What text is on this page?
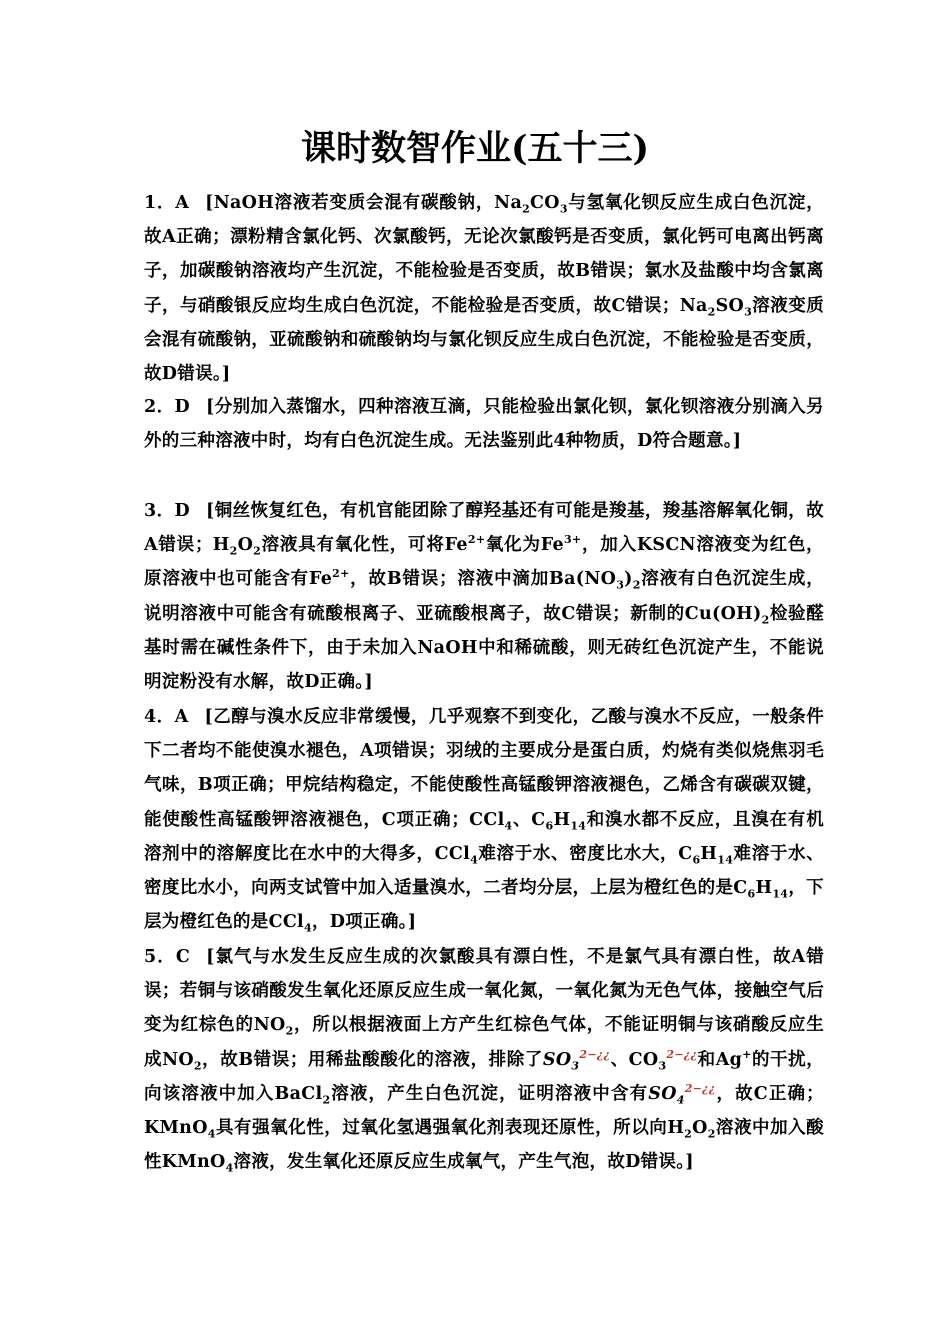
课时数智作业(五十三)
1．A [NaOH溶液若变质会混有碳酸钠，$Na_2CO_3$与氢氧化钡反应生成白色沉淀，故A正确；漂粉精含氯化钙、次氯酸钙，无论次氯酸钙是否变质，氯化钙可电离出钙离子，加碳酸钠溶液均产生沉淀，不能检验是否变质，故B错误；氯水及盐酸中均含氯离子，与硝酸银反应均生成白色沉淀，不能检验是否变质，故C错误；$Na_2SO_3$溶液变质会混有硫酸钠，亚硫酸钠和硫酸钠均与氯化钡反应生成白色沉淀，不能检验是否变质，故D错误。]
2．D [分别加入蒸馏水，四种溶液互滴，只能检验出氯化钡，氯化钡溶液分别滴入另外的三种溶液中时，均有白色沉淀生成。无法鉴别此4种物质，D符合题意。]
3．D [铜丝恢复红色，有机官能团除了醇羟基还有可能是羧基，羧基溶解氧化铜，故A错误；$H_2O_2$溶液具有氧化性，可将$Fe^{2+}$氧化为$Fe^{3+}$，加入KSCN溶液变为红色，原溶液中也可能含有$Fe^{2+}$，故B错误；溶液中滴加$Ba(NO_3)_2$溶液有白色沉淀生成，说明溶液中可能含有硫酸根离子、亚硫酸根离子，故C错误；新制的$Cu(OH)_2$检验醛基时需在碱性条件下，由于未加入NaOH中和稀硫酸，则无砖红色沉淀产生，不能说明淀粉没有水解，故D正确。]
4．A [乙醇与溴水反应非常缓慢，几乎观察不到变化，乙酸与溴水不反应，一般条件下二者均不能使溴水褪色，A项错误；羽绒的主要成分是蛋白质，灼烧有类似烧焦羽毛气味，B项正确；甲烷结构稳定，不能使酸性高锰酸钾溶液褪色，乙烯含有碳碳双键，能使酸性高锰酸钾溶液褪色，C项正确；CCl$_4$、$C_6H_{14}$和溴水都不反应，且溴在有机溶剂中的溶解度比在水中的大得多，CCl$_4$难溶于水、密度比水大，$C_6H_{14}$难溶于水、密度比水小，向两支试管中加入适量溴水，二者均分层，上层为橙红色的是$C_6H_{14}$，下层为橙红色的是CCl$_4$，D项正确。]
5．C [氯气与水发生反应生成的次氯酸具有漂白性，不是氯气具有漂白性，故A错误；若铜与该硝酸发生氧化还原反应生成一氧化氮，一氧化氮为无色气体，接触空气后变为红棕色的$NO_2$，所以根据液面上方产生红棕色气体，不能证明铜与该硝酸反应生成$NO_2$，故B错误；用稀盐酸酸化的溶液，排除了$SO_3^{2-¿¿}$、$CO_3^{2-¿¿}$和Ag+的干扰，向该溶液中加入BaCl$_2$溶液，产生白色沉淀，证明溶液中含有$SO_4^{2-¿¿}$，故C正确；KMnO$_4$具有强氧化性，过氧化氢遇强氧化剂表现还原性，所以向$H_2O_2$溶液中加入酸性KMnO$_4$溶液，发生氧化还原反应生成氧气，产生气泡，故D错误。]
